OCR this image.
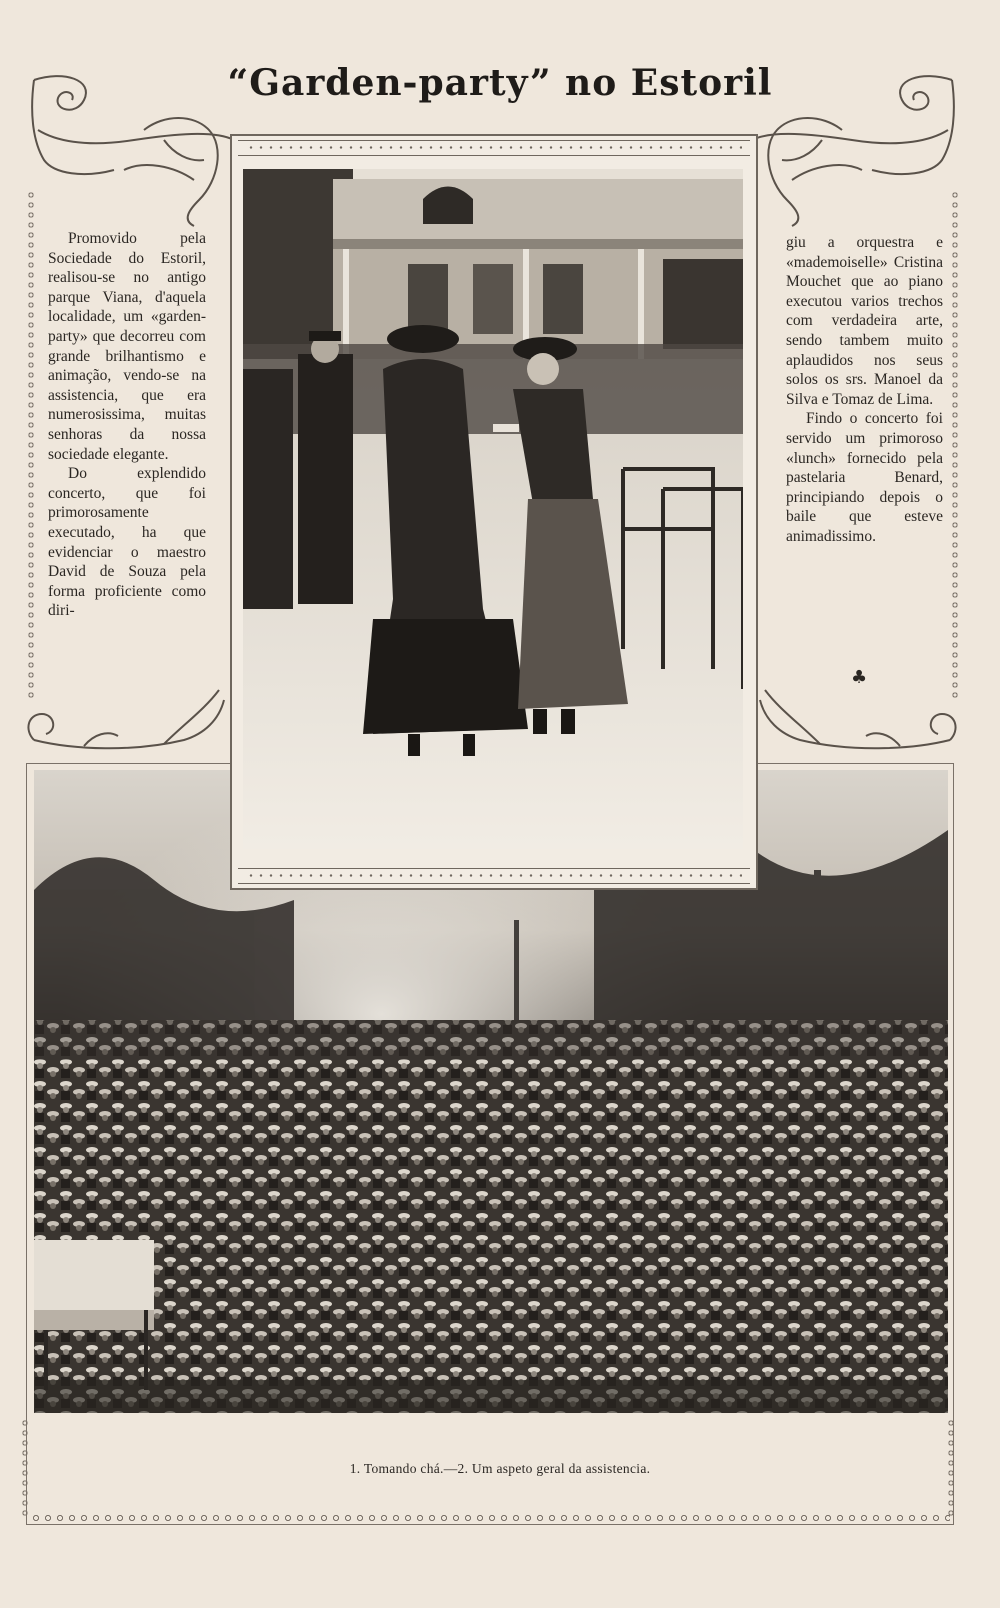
“Garden-party” no Estoril

Promovido pela Sociedade do Estoril, realisou-se no antigo parque Viana, d'aquela localidade, um «garden-party» que decorreu com grande brilhantismo e animação, vendo-se na assistencia, que era numerosissima, muitas senhoras da nossa sociedade elegante.

Do explendido concerto, que foi primorosamente executado, ha que evidenciar o maestro David de Souza pela forma proficiente como diri-

giu a orquestra e «mademoiselle» Cristina Mouchet que ao piano executou varios trechos com verdadeira arte, sendo tambem muito aplaudidos nos seus solos os srs. Manoel da Silva e Tomaz de Lima.

Findo o concerto foi servido um primoroso «lunch» fornecido pela pastelaria Benard, principiando depois o baile que esteve animadissimo.

♣
1. Tomando chá.—2. Um aspeto geral da assistencia.
